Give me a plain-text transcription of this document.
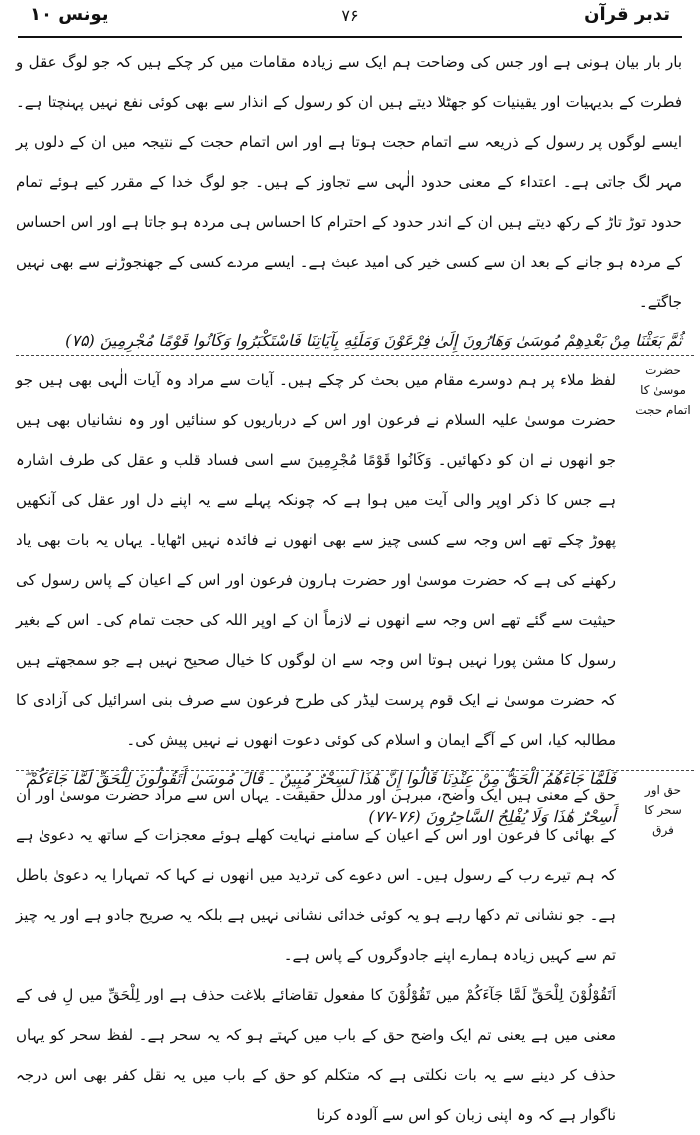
یونس ۱۰	۷۶	تدبر قرآن
بار بار بیان ہونی ہے اور جس کی وضاحت ہم ایک سے زیادہ مقامات میں کر چکے ہیں کہ جو لوگ عقل و فطرت کے بدیہیات اور یقینیات کو جھٹلا دیتے ہیں ان کو رسول کے انذار سے بھی کوئی نفع نہیں پہنچتا ہے۔ ایسے لوگوں پر رسول کے ذریعہ سے اتمام حجت ہوتا ہے اور اس اتمام حجت کے نتیجہ میں ان کے دلوں پر مہر لگ جاتی ہے۔ اعتداء کے معنی حدود الٰہی سے تجاوز کے ہیں۔ جو لوگ خدا کے مقرر کیے ہوئے تمام حدود توڑ تاڑ کے رکھ دیتے ہیں ان کے اندر حدود کے احترام کا احساس ہی مردہ ہو جاتا ہے اور اس احساس کے مردہ ہو جانے کے بعد ان سے کسی خیر کی امید عبث ہے۔ ایسے مردے کسی کے جھنجوڑنے سے بھی نہیں جاگتے۔
ثُمَّ بَعَثْنَا مِنْ بَعْدِهِمْ مُوسَىٰ وَهَارُونَ إِلَىٰ فِرْعَوْنَ وَمَلَئِهِ بِآيَاتِنَا فَاسْتَكْبَرُوا وَكَانُوا قَوْمًا مُجْرِمِينَ (۷۵)
حضرت موسیٰ کا اتمام حجت
لفظ ملاء پر ہم دوسرے مقام میں بحث کر چکے ہیں۔ آیات سے مراد وہ آیات الٰہی بھی ہیں جو حضرت موسیٰ علیہ السلام نے فرعون اور اس کے درباریوں کو سنائیں اور وہ نشانیاں بھی ہیں جو انھوں نے ان کو دکھائیں۔ وَكَانُوا قَوْمًا مُجْرِمِينَ سے اسی فساد قلب و عقل کی طرف اشارہ ہے جس کا ذکر اوپر والی آیت میں ہوا ہے کہ چونکہ پہلے سے یہ اپنے دل اور عقل کی آنکھیں پھوڑ چکے تھے اس وجہ سے کسی چیز سے بھی انھوں نے فائدہ نہیں اٹھایا۔ یہاں یہ بات بھی یاد رکھنے کی ہے کہ حضرت موسیٰ اور حضرت ہارون فرعون اور اس کے اعیان کے پاس رسول کی حیثیت سے گئے تھے اس وجہ سے انھوں نے لازماً ان کے اوپر اللہ کی حجت تمام کی۔ اس کے بغیر رسول کا مشن پورا نہیں ہوتا اس وجہ سے ان لوگوں کا خیال صحیح نہیں ہے جو سمجھتے ہیں کہ حضرت موسیٰ نے ایک قوم پرست لیڈر کی طرح فرعون سے صرف بنی اسرائیل کی آزادی کا مطالبہ کیا، اس کے آگے ایمان و اسلام کی کوئی دعوت انھوں نے نہیں پیش کی۔
فَلَمَّا جَاءَهُمُ الْحَقُّ مِنْ عِنْدِنَا قَالُوا إِنَّ هَٰذَا لَسِحْرٌ مُبِينٌ ۔ قَالَ مُوسَىٰ أَتَقُولُونَ لِلْحَقِّ لَمَّا جَاءَكُمْ ۖ أَسِحْرٌ هَٰذَا وَلَا يُفْلِحُ السَّاحِرُونَ (۷۶-۷۷)
حق اور سحر کا فرق
حق کے معنی ہیں ایک واضح، مبرہن اور مدلل حقیقت۔ یہاں اس سے مراد حضرت موسیٰ اور ان کے بھائی کا فرعون اور اس کے اعیان کے سامنے نہایت کھلے ہوئے معجزات کے ساتھ یہ دعویٰ ہے کہ ہم تیرے رب کے رسول ہیں۔ اس دعوے کی تردید میں انھوں نے کہا کہ تمہارا یہ دعویٰ باطل ہے۔ جو نشانی تم دکھا رہے ہو یہ کوئی خدائی نشانی نہیں ہے بلکہ یہ صریح جادو ہے اور یہ چیز تم سے کہیں زیادہ ہمارے اپنے جادوگروں کے پاس ہے۔
اَتَقُوْلُوْنَ لِلْحَقِّ لَمَّا جَآءَكُمْ میں تَقُوْلُوْنَ کا مفعول تقاضائے بلاغت حذف ہے اور لِلْحَقِّ میں لِ فی کے معنی میں ہے یعنی تم ایک واضح حق کے باب میں کہتے ہو کہ یہ سحر ہے۔ لفظ سحر کو یہاں حذف کر دینے سے یہ بات نکلتی ہے کہ متکلم کو حق کے باب میں یہ نقل کفر بھی اس درجہ ناگوار ہے کہ وہ اپنی زبان کو اس سے آلودہ کرنا
